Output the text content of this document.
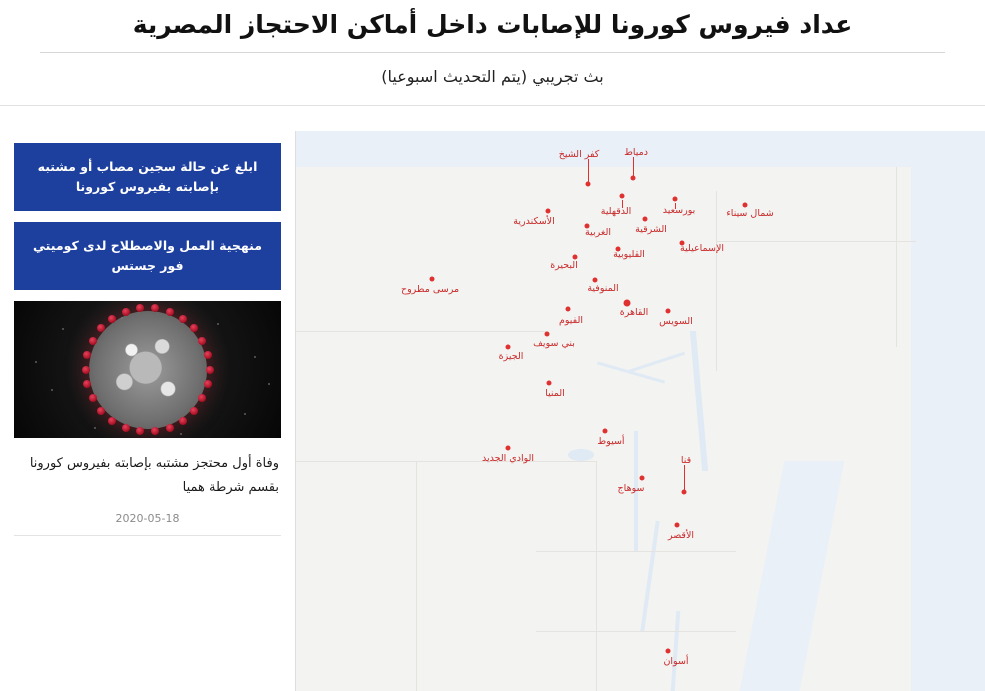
عداد فيروس كورونا للإصابات داخل أماكن الاحتجاز المصرية
بث تجريبي (يتم التحديث اسبوعيا)
ابلغ عن حالة سجين مصاب أو مشتبه بإصابته بفيروس كورونا
منهجية العمل والاصطلاح لدى كوميتي فور جستس
وفاة أول محتجز مشتبه بإصابته بفيروس كورونا بقسم شرطة هميا
2020-05-18
كفر الشيخ	دمياط
الدقهلية	بورسعيد	شمال سيناء
الأسكندرية
الشرقية
الغربية
الإسماعيلية
القليوبية
البحيرة
المنوفية
مرسى مطروح
القاهرة
السويس
الفيوم
بني سويف
الجيزة
المنيا
أسيوط
الوادي الجديد	قنا
سوهاج
الأقصر
أسوان
